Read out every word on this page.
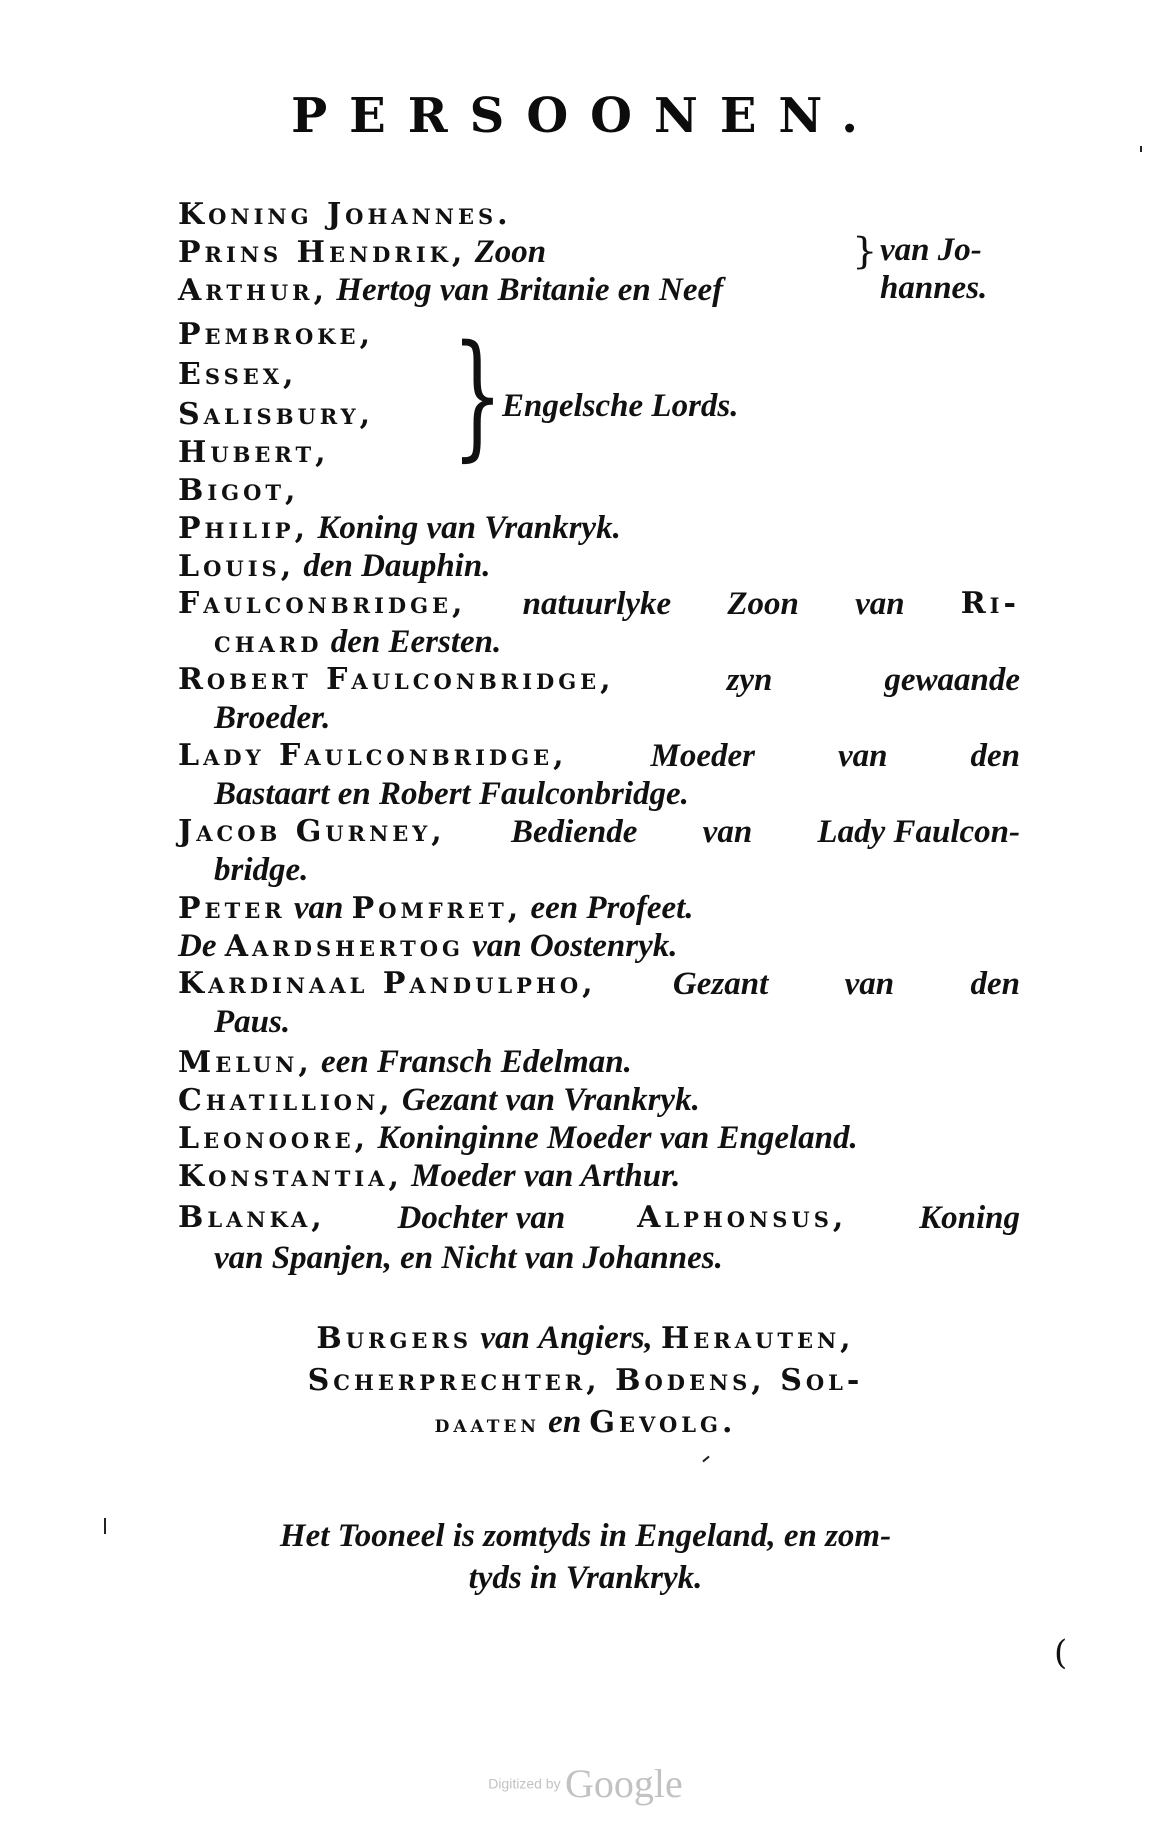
PERSOONEN.
Koning Johannes.
Prins Hendrik, Zoon	van Jo-
}
Arthur, Hertog van Britanie en Neef	hannes.
Pembroke,
Essex,
Salisbury,
Hubert,
Bigot,
} Engelsche Lords.
Philip, Koning van Vrankryk.
Louis, den Dauphin.
Faulconbridge, natuurlyke Zoon van Ri-
chard den Eersten.
Robert Faulconbridge,	zyn	gewaande
Broeder.
Lady Faulconbridge,	Moeder	van	den
Bastaart en Robert Faulconbridge.
Jacob Gurney, Bediende van Lady Faulcon-
bridge.
Peter van Pomfret, een Profeet.
De Aardshertog van Oostenryk.
Kardinaal Pandulpho, Gezant van den
Paus.
Melun, een Fransch Edelman.
Chatillion, Gezant van Vrankryk.
Leonoore, Koninginne Moeder van Engeland.
Konstantia, Moeder van Arthur.
Blanka, Dochter van Alphonsus, Koning
van Spanjen, en Nicht van Johannes.
Burgers van Angiers, Herauten,
Scherprechter, Bodens, Sol-
daaten en Gevolg.
Het Tooneel is zomtyds in Engeland, en zom-
tyds in Vrankryk.
(
Digitized by Google
